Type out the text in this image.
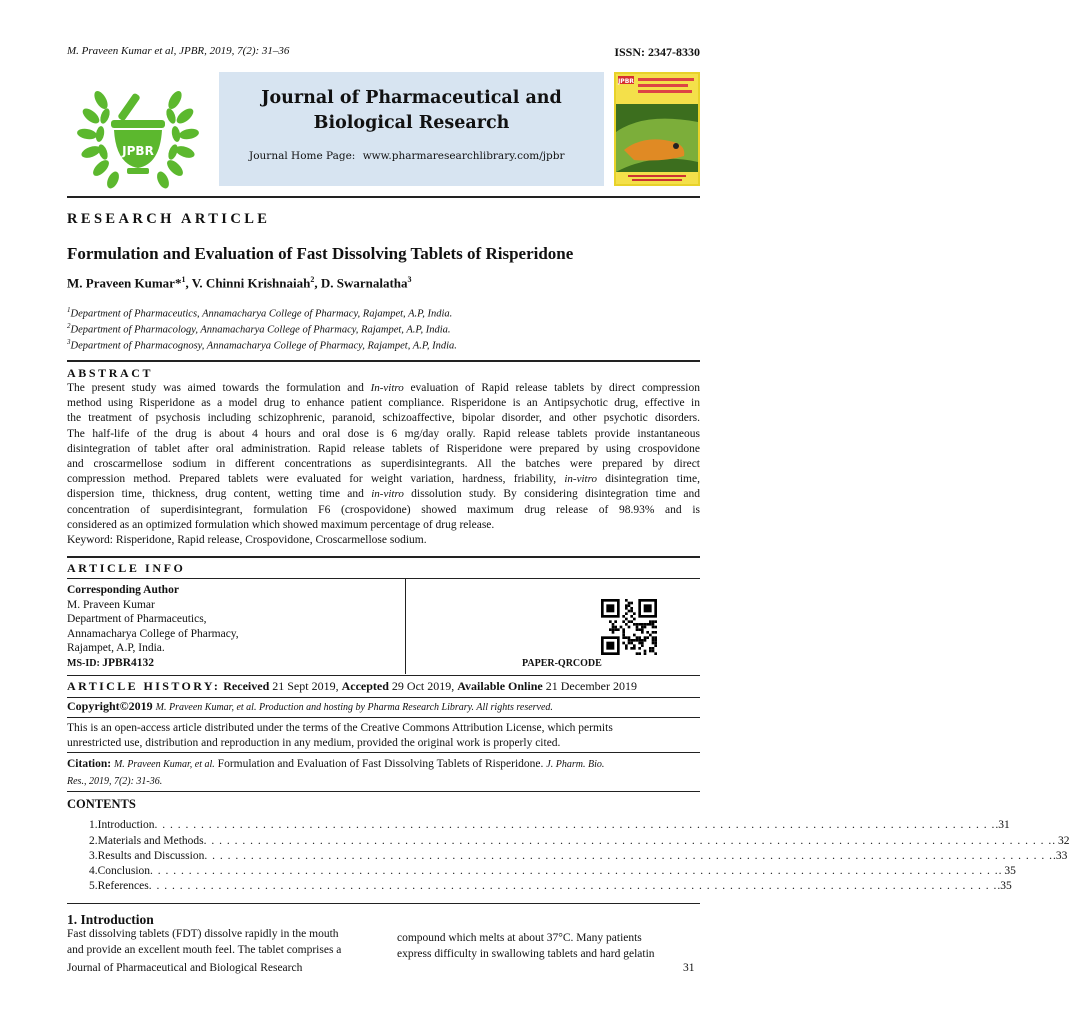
M. Praveen Kumar et al, JPBR, 2019, 7(2): 31–36	ISSN: 2347-8330
JPBR
Journal of Pharmaceutical and
Biological Research
Journal Home Page: www.pharmaresearchlibrary.com/jpbr
JPBR
RESEARCH ARTICLE
Formulation and Evaluation of Fast Dissolving Tablets of Risperidone
M. Praveen Kumar*$^1$, V. Chinni Krishnaiah$^2$, D. Swarnalatha$^3$
$^1$Department of Pharmaceutics, Annamacharya College of Pharmacy, Rajampet, A.P, India.
$^2$Department of Pharmacology, Annamacharya College of Pharmacy, Rajampet, A.P, India.
$^3$Department of Pharmacognosy, Annamacharya College of Pharmacy, Rajampet, A.P, India.
ABSTRACT
The present study was aimed towards the formulation and In-vitro evaluation of Rapid release tablets by direct compression
method using Risperidone as a model drug to enhance patient compliance. Risperidone is an Antipsychotic drug, effective in
the treatment of psychosis including schizophrenic, paranoid, schizoaffective, bipolar disorder, and other psychotic disorders.
The half-life of the drug is about 4 hours and oral dose is 6 mg/day orally. Rapid release tablets provide instantaneous
disintegration of tablet after oral administration. Rapid release tablets of Risperidone were prepared by using crospovidone
and croscarmellose sodium in different concentrations as superdisintegrants. All the batches were prepared by direct
compression method. Prepared tablets were evaluated for weight variation, hardness, friability, in-vitro disintegration time,
dispersion time, thickness, drug content, wetting time and in-vitro dissolution study. By considering disintegration time and
concentration of superdisintegrant, formulation F6 (crospovidone) showed maximum drug release of 98.93% and is
considered as an optimized formulation which showed maximum percentage of drug release.
Keyword: Risperidone, Rapid release, Crospovidone, Croscarmellose sodium.
ARTICLE INFO
Corresponding Author
M. Praveen Kumar
Department of Pharmaceutics,
Annamacharya College of Pharmacy,
Rajampet, A.P, India.
MS-ID: JPBR4132	PAPER-QRCODE
ARTICLE HISTORY: Received 21 Sept 2019, Accepted 29 Oct 2019, Available Online 21 December 2019
Copyright©2019 M. Praveen Kumar, et al. Production and hosting by Pharma Research Library. All rights reserved.
This is an open-access article distributed under the terms of the Creative Commons Attribution License, which permits
unrestricted use, distribution and reproduction in any medium, provided the original work is properly cited.
Citation: M. Praveen Kumar, et al. Formulation and Evaluation of Fast Dissolving Tablets of Risperidone. J. Pharm. Bio.
Res., 2019, 7(2): 31-36.
CONTENTS
1. Introduction . . . . . . . . . . . . . . . . . . . . . . . . . . . . . . . . . . . . . . . . . . . . . . . . . . . . . . . . . . . . . . . . . . . . . . . . . . . . . . . . . . . . . . . . . . . . . . . . . . . . . . . . . . . . . .31
2. Materials and Methods . . . . . . . . . . . . . . . . . . . . . . . . . . . . . . . . . . . . . . . . . . . . . . . . . . . . . . . . . . . . . . . . . . . . . . . . . . . . . . . . . . . . . . . . . . . . . . . . . . . . . . . . . . . . . . . 32
3. Results and Discussion . . . . . . . . . . . . . . . . . . . . . . . . . . . . . . . . . . . . . . . . . . . . . . . . . . . . . . . . . . . . . . . . . . . . . . . . . . . . . . . . . . . . . . . . . . . . . . . . . . . . . . . . . . . . . . .33
4. Conclusion . . . . . . . . . . . . . . . . . . . . . . . . . . . . . . . . . . . . . . . . . . . . . . . . . . . . . . . . . . . . . . . . . . . . . . . . . . . . . . . . . . . . . . . . . . . . . . . . . . . . . . . . . . . . . . . 35
5. References . . . . . . . . . . . . . . . . . . . . . . . . . . . . . . . . . . . . . . . . . . . . . . . . . . . . . . . . . . . . . . . . . . . . . . . . . . . . . . . . . . . . . . . . . . . . . . . . . . . . . . . . . . . . . . .35
1. Introduction
Fast dissolving tablets (FDT) dissolve rapidly in the mouth
and provide an excellent mouth feel. The tablet comprises a
compound which melts at about 37°C. Many patients
express difficulty in swallowing tablets and hard gelatin
Journal of Pharmaceutical and Biological Research	31
